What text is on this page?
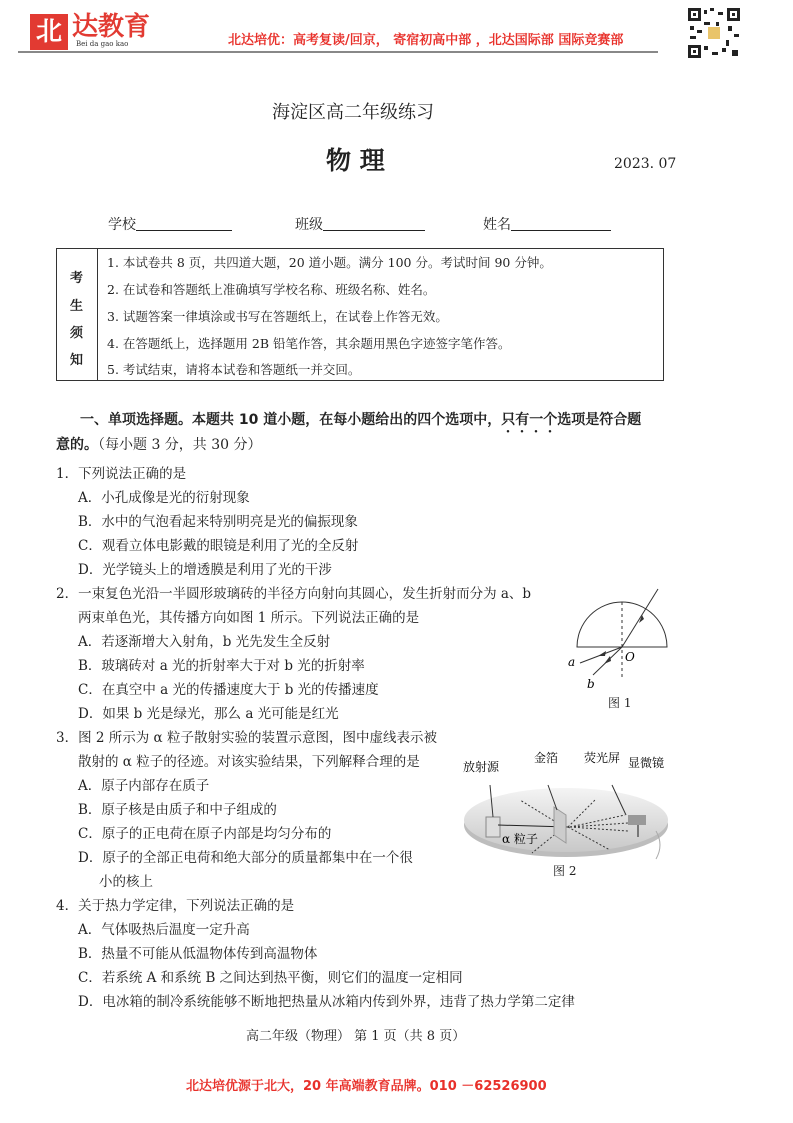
北 达教育
Bei da gao kao	北达培优：高考复读/回京， 寄宿初高中部 ，北达国际部 国际竞赛部
海淀区高二年级练习
物 理	2023. 07
学校	班级	姓名
考
生
须
知
1. 本试卷共 8 页，共四道大题，20 道小题。满分 100 分。考试时间 90 分钟。
2. 在试卷和答题纸上准确填写学校名称、班级名称、姓名。
3. 试题答案一律填涂或书写在答题纸上，在试卷上作答无效。
4. 在答题纸上，选择题用 2B 铅笔作答，其余题用黑色字迹签字笔作答。
5. 考试结束，请将本试卷和答题纸一并交回。
一、单项选择题。本题共 10 道小题，在每小题给出的四个选项中，只有一个选项是符合题
意的。（每小题 3 分，共 30 分）
1．下列说法正确的是
A．小孔成像是光的衍射现象
B．水中的气泡看起来特别明亮是光的偏振现象
C．观看立体电影戴的眼镜是利用了光的全反射
D．光学镜头上的增透膜是利用了光的干涉
2．一束复色光沿一半圆形玻璃砖的半径方向射向其圆心，发生折射而分为 a、b
两束单色光，其传播方向如图 1 所示。下列说法正确的是
A．若逐渐增大入射角，b 光先发生全反射
B．玻璃砖对 a 光的折射率大于对 b 光的折射率
C．在真空中 a 光的传播速度大于 b 光的传播速度
D．如果 b 光是绿光，那么 a 光可能是红光
a
b
O
图 1
3．图 2 所示为 α 粒子散射实验的装置示意图，图中虚线表示被
散射的 α 粒子的径迹。对该实验结果，下列解释合理的是
A．原子内部存在质子
B．原子核是由质子和中子组成的
C．原子的正电荷在原子内部是均匀分布的
D．原子的全部正电荷和绝大部分的质量都集中在一个很
小的核上
放射源
金箔 荧光屏 显微镜
α 粒子
图 2
4．关于热力学定律，下列说法正确的是
A．气体吸热后温度一定升高
B．热量不可能从低温物体传到高温物体
C．若系统 A 和系统 B 之间达到热平衡，则它们的温度一定相同
D．电冰箱的制冷系统能够不断地把热量从冰箱内传到外界，违背了热力学第二定律
高二年级（物理） 第 1 页（共 8 页）
北达培优源于北大，20 年高端教育品牌。010 －62526900
